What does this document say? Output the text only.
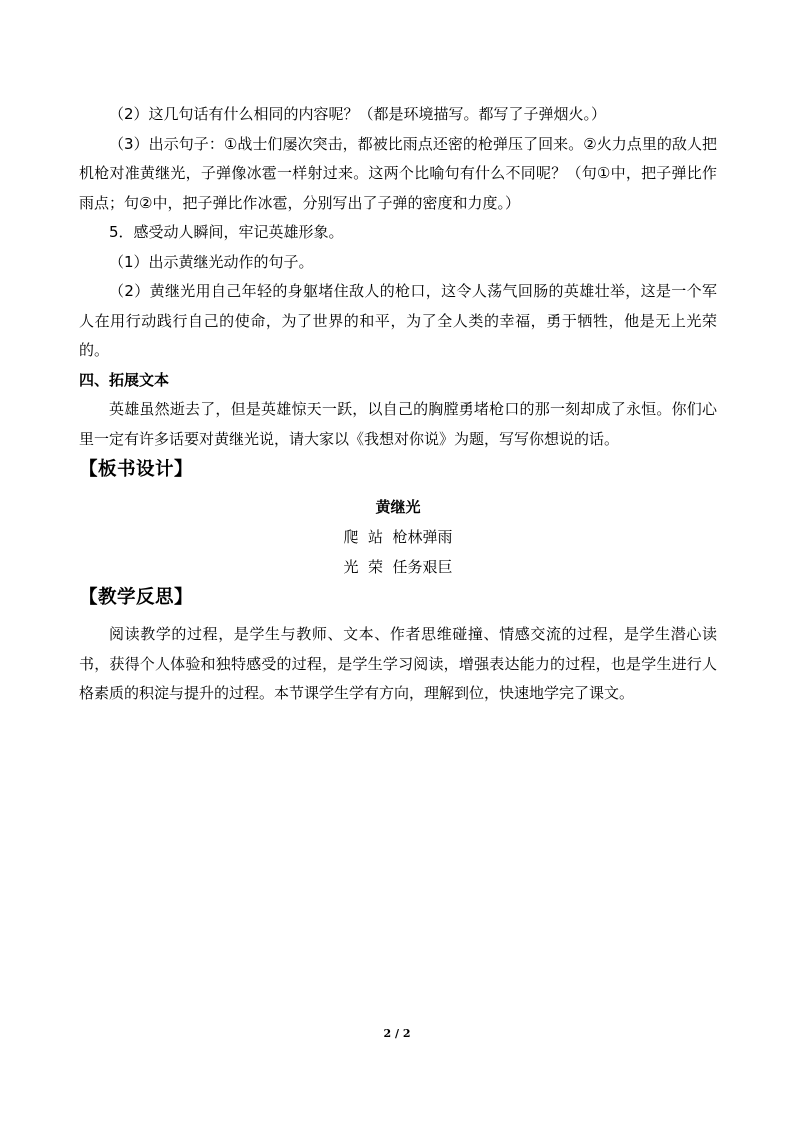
（2）这几句话有什么相同的内容呢？（都是环境描写。都写了子弹烟火。）

（3）出示句子：①战士们屡次突击，都被比雨点还密的枪弹压了回来。②火力点里的敌人把机枪对准黄继光，子弹像冰雹一样射过来。这两个比喻句有什么不同呢？（句①中，把子弹比作雨点；句②中，把子弹比作冰雹，分别写出了子弹的密度和力度。）

5．感受动人瞬间，牢记英雄形象。

（1）出示黄继光动作的句子。

（2）黄继光用自己年轻的身躯堵住敌人的枪口，这令人荡气回肠的英雄壮举，这是一个军人在用行动践行自己的使命，为了世界的和平，为了全人类的幸福，勇于牺牲，他是无上光荣的。

四、拓展文本

英雄虽然逝去了，但是英雄惊天一跃，以自己的胸膛勇堵枪口的那一刻却成了永恒。你们心里一定有许多话要对黄继光说，请大家以《我想对你说》为题，写写你想说的话。

【板书设计】

黄继光

爬  站  枪林弹雨

光  荣  任务艰巨

【教学反思】

阅读教学的过程，是学生与教师、文本、作者思维碰撞、情感交流的过程，是学生潜心读书，获得个人体验和独特感受的过程，是学生学习阅读，增强表达能力的过程，也是学生进行人格素质的积淀与提升的过程。本节课学生学有方向，理解到位，快速地学完了课文。

2 / 2
